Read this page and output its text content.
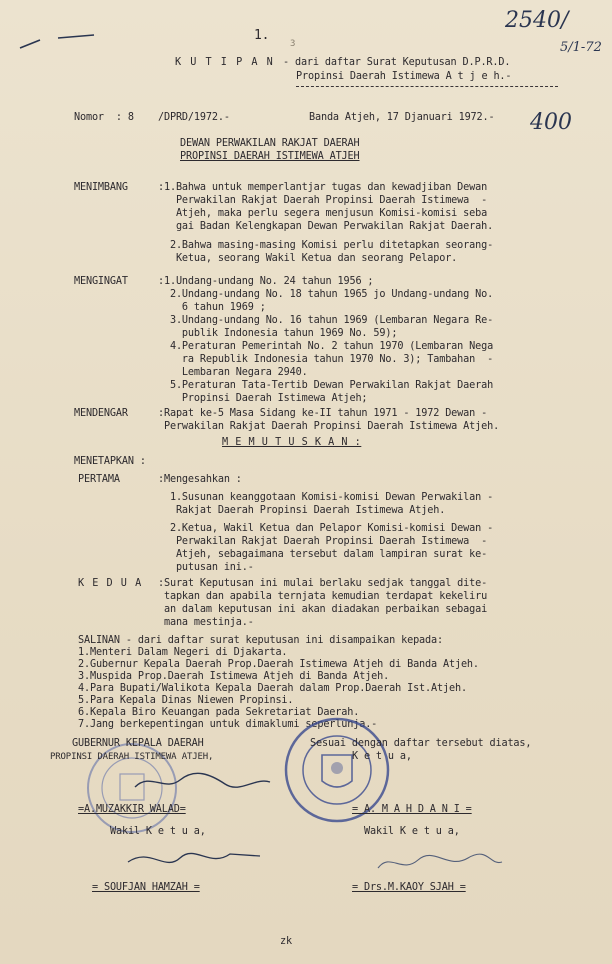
2540/
5/1-72
1.
3
K U T I P A N - dari daftar Surat Keputusan D.P.R.D.
Propinsi Daerah Istimewa A t j e h.-
Nomor  : 8 /DPRD/1972.-	Banda Atjeh, 17 Djanuari 1972.- 400
DEWAN PERWAKILAN RAKJAT DAERAH
PROPINSI DAERAH ISTIMEWA ATJEH
MENIMBANG	:1.Bahwa untuk memperlantjar tugas dan kewadjiban Dewan
Perwakilan Rakjat Daerah Propinsi Daerah Istimewa  -
Atjeh, maka perlu segera menjusun Komisi-komisi seba
gai Badan Kelengkapan Dewan Perwakilan Rakjat Daerah.
2.Bahwa masing-masing Komisi perlu ditetapkan seorang-
Ketua, seorang Wakil Ketua dan seorang Pelapor.
MENGINGAT	:1.Undang-undang No. 24 tahun 1956 ;
2.Undang-undang No. 18 tahun 1965 jo Undang-undang No.
6 tahun 1969 ;
3.Undang-undang No. 16 tahun 1969 (Lembaran Negara Re-
publik Indonesia tahun 1969 No. 59);
4.Peraturan Pemerintah No. 2 tahun 1970 (Lembaran Nega
ra Republik Indonesia tahun 1970 No. 3); Tambahan  -
Lembaran Negara 2940.
5.Peraturan Tata-Tertib Dewan Perwakilan Rakjat Daerah
Propinsi Daerah Istimewa Atjeh;
MENDENGAR	:Rapat ke-5 Masa Sidang ke-II tahun 1971 - 1972 Dewan -
Perwakilan Rakjat Daerah Propinsi Daerah Istimewa Atjeh.
M E M U T U S K A N :
MENETAPKAN :
PERTAMA	:Mengesahkan :
1.Susunan keanggotaan Komisi-komisi Dewan Perwakilan -
Rakjat Daerah Propinsi Daerah Istimewa Atjeh.
2.Ketua, Wakil Ketua dan Pelapor Komisi-komisi Dewan -
Perwakilan Rakjat Daerah Propinsi Daerah Istimewa  -
Atjeh, sebagaimana tersebut dalam lampiran surat ke-
putusan ini.-
K E D U A :Surat Keputusan ini mulai berlaku sedjak tanggal dite-
tapkan dan apabila ternjata kemudian terdapat kekeliru
an dalam keputusan ini akan diadakan perbaikan sebagai
mana mestinja.-
SALINAN - dari daftar surat keputusan ini disampaikan kepada:
1.Menteri Dalam Negeri di Djakarta.
2.Gubernur Kepala Daerah Prop.Daerah Istimewa Atjeh di Banda Atjeh.
3.Muspida Prop.Daerah Istimewa Atjeh di Banda Atjeh.
4.Para Bupati/Walikota Kepala Daerah dalam Prop.Daerah Ist.Atjeh.
5.Para Kepala Dinas Niewen Propinsi.
6.Kepala Biro Keuangan pada Sekretariat Daerah.
7.Jang berkepentingan untuk dimaklumi seperlunja.-
GUBERNUR KEPALA DAERAH
PROPINSI DAERAH ISTIMEWA ATJEH,
Sesuai dengan daftar tersebut diatas,
K e t u a,
=A.MUZAKKIR WALAD=	= A. M A H D A N I =
Wakil K e t u a,	Wakil K e t u a,
= SOUFJAN HAMZAH =	= Drs.M.KAOY SJAH =
zk
